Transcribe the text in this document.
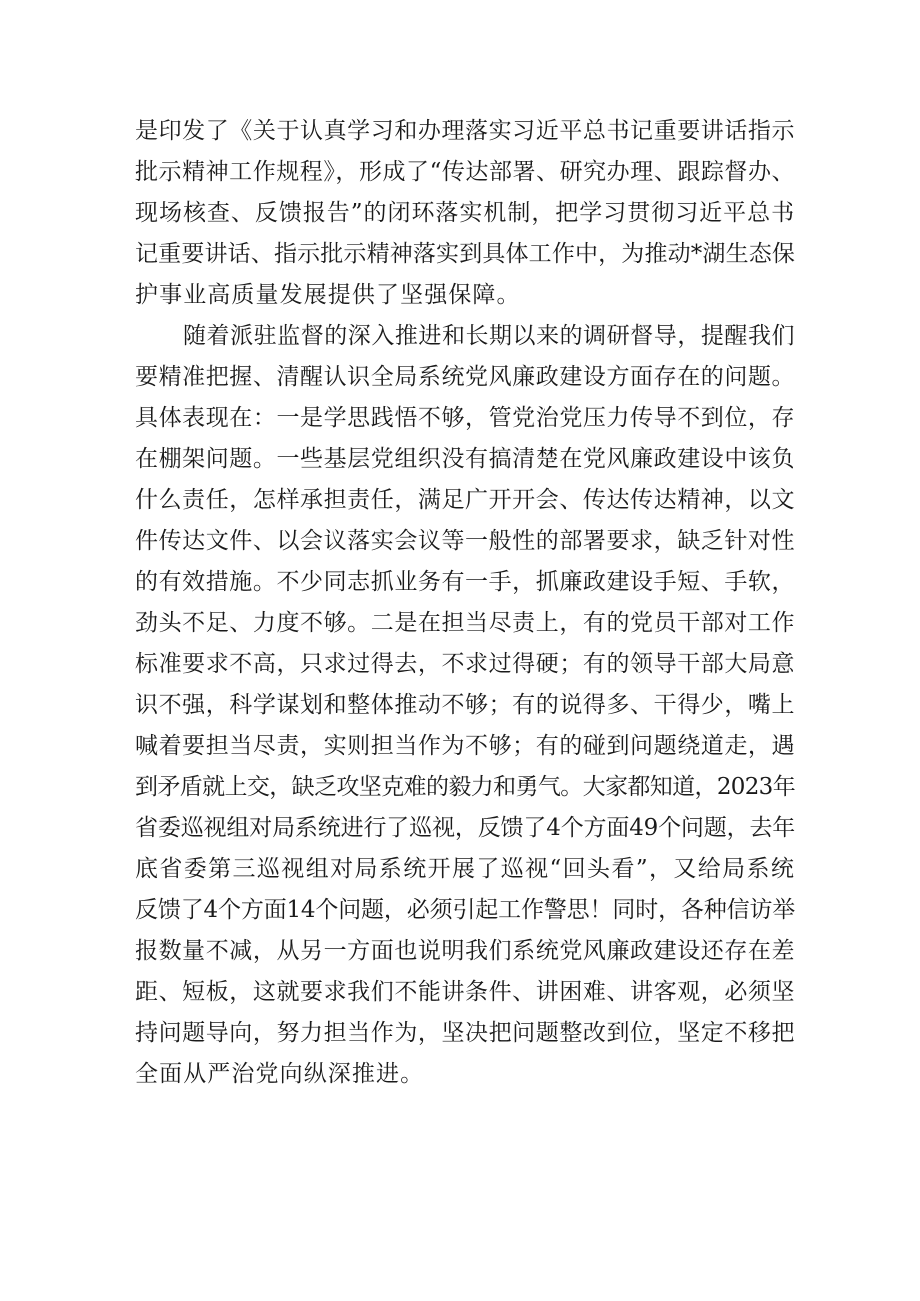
是印发了《关于认真学习和办理落实习近平总书记重要讲话指示
批示精神工作规程》，形成了“传达部署、研究办理、跟踪督办、
现场核查、反馈报告”的闭环落实机制，把学习贯彻习近平总书
记重要讲话、指示批示精神落实到具体工作中，为推动*湖生态保
护事业高质量发展提供了坚强保障。
随着派驻监督的深入推进和长期以来的调研督导，提醒我们
要精准把握、清醒认识全局系统党风廉政建设方面存在的问题。
具体表现在：一是学思践悟不够，管党治党压力传导不到位，存
在棚架问题。一些基层党组织没有搞清楚在党风廉政建设中该负
什么责任，怎样承担责任，满足广开开会、传达传达精神，以文
件传达文件、以会议落实会议等一般性的部署要求，缺乏针对性
的有效措施。不少同志抓业务有一手，抓廉政建设手短、手软，
劲头不足、力度不够。二是在担当尽责上，有的党员干部对工作
标准要求不高，只求过得去，不求过得硬；有的领导干部大局意
识不强，科学谋划和整体推动不够；有的说得多、干得少，嘴上
喊着要担当尽责，实则担当作为不够；有的碰到问题绕道走，遇
到矛盾就上交，缺乏攻坚克难的毅力和勇气。大家都知道，2023年
省委巡视组对局系统进行了巡视，反馈了4个方面49个问题，去年
底省委第三巡视组对局系统开展了巡视“回头看”，又给局系统
反馈了4个方面14个问题，必须引起工作警思！同时，各种信访举
报数量不减，从另一方面也说明我们系统党风廉政建设还存在差
距、短板，这就要求我们不能讲条件、讲困难、讲客观，必须坚
持问题导向，努力担当作为，坚决把问题整改到位，坚定不移把
全面从严治党向纵深推进。
